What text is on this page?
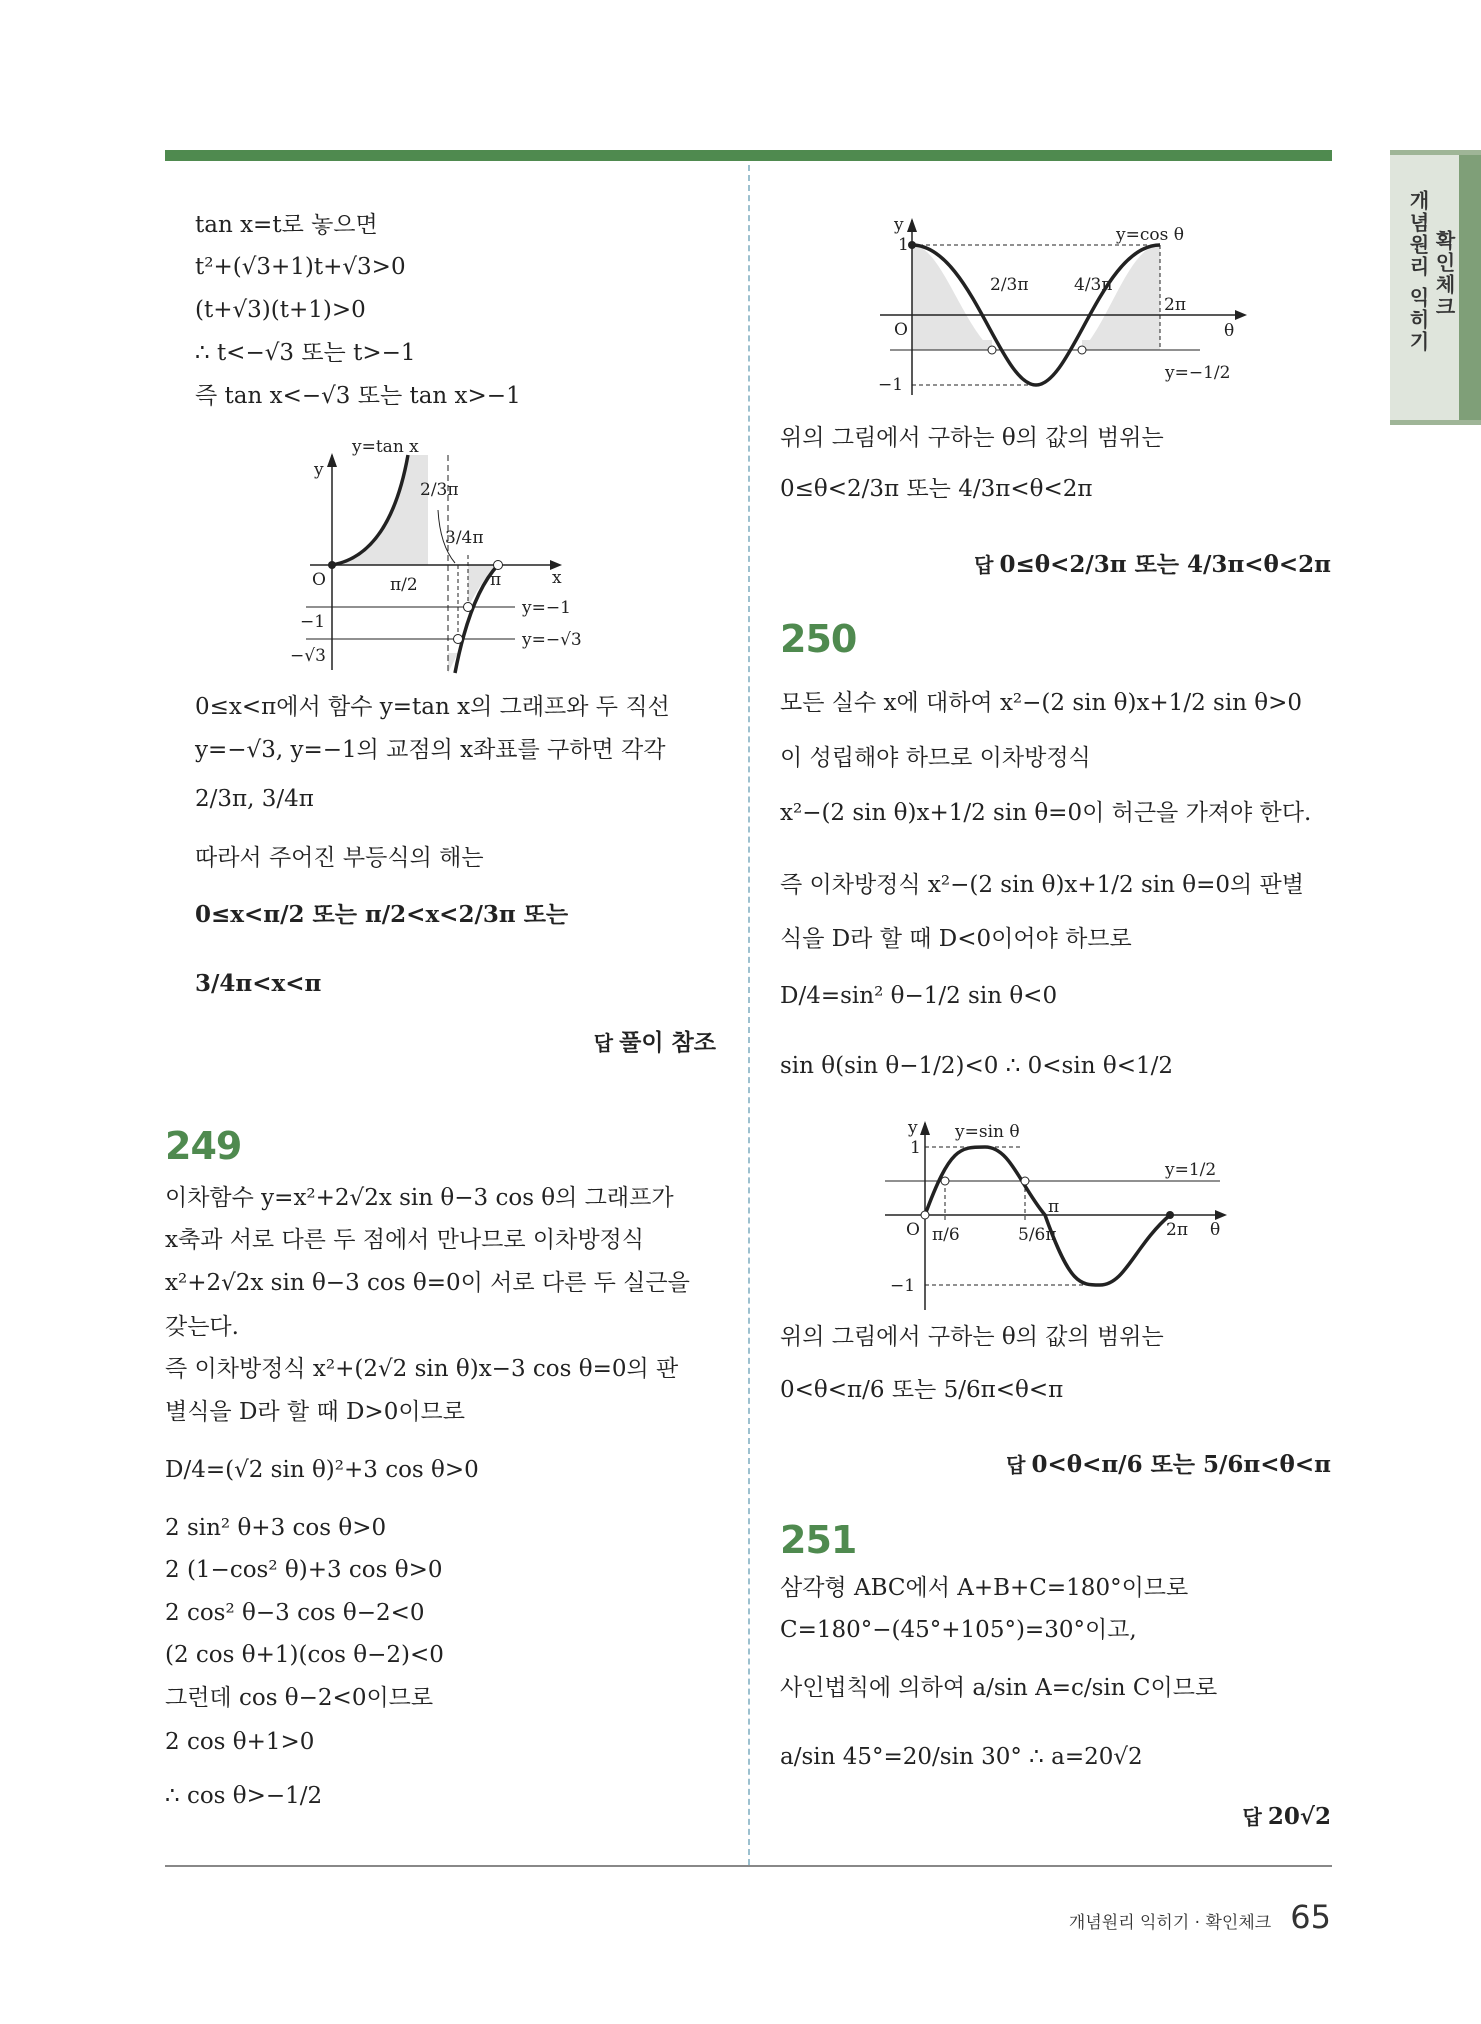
개념원리 익히기 확인체크
tan x=t로 놓으면
t²+(√3+1)t+√3>0
(t+√3)(t+1)>0
∴ t<−√3 또는 t>−1
즉 tan x<−√3 또는 tan x>−1
y=tan x
y
x
O	π/2	π
2/3π
3/4π
y=−1
y=−√3
−1
−√3
0≤x<π에서 함수 y=tan x의 그래프와 두 직선
y=−√3, y=−1의 교점의 x좌표를 구하면 각각
2/3π, 3/4π
따라서 주어진 부등식의 해는
0≤x<π/2 또는 π/2<x<2/3π 또는
3/4π<x<π
답 풀이 참조
249
이차함수 y=x²+2√2x sin θ−3 cos θ의 그래프가
x축과 서로 다른 두 점에서 만나므로 이차방정식
x²+2√2x sin θ−3 cos θ=0이 서로 다른 두 실근을
갖는다.
즉 이차방정식 x²+(2√2 sin θ)x−3 cos θ=0의 판
별식을 D라 할 때 D>0이므로
D/4=(√2 sin θ)²+3 cos θ>0
2 sin² θ+3 cos θ>0
2 (1−cos² θ)+3 cos θ>0
2 cos² θ−3 cos θ−2<0
(2 cos θ+1)(cos θ−2)<0
그런데 cos θ−2<0이므로
2 cos θ+1>0
∴ cos θ>−1/2
y=cos θ
y
θ
O
1
−1
2/3π	4/3π
2π
y=−1/2
위의 그림에서 구하는 θ의 값의 범위는
0≤θ<2/3π 또는 4/3π<θ<2π
답 0≤θ<2/3π 또는 4/3π<θ<2π
250
모든 실수 x에 대하여 x²−(2 sin θ)x+1/2 sin θ>0
이 성립해야 하므로 이차방정식
x²−(2 sin θ)x+1/2 sin θ=0이 허근을 가져야 한다.
즉 이차방정식 x²−(2 sin θ)x+1/2 sin θ=0의 판별
식을 D라 할 때 D<0이어야 하므로
D/4=sin² θ−1/2 sin θ<0
sin θ(sin θ−1/2)<0 ∴ 0<sin θ<1/2
y=sin θ
y
θ
O
1
−1
π/6	5/6π
π
2π
y=1/2
위의 그림에서 구하는 θ의 값의 범위는
0<θ<π/6 또는 5/6π<θ<π
답 0<θ<π/6 또는 5/6π<θ<π
251
삼각형 ABC에서 A+B+C=180°이므로
C=180°−(45°+105°)=30°이고,
사인법칙에 의하여 a/sin A=c/sin C이므로
a/sin 45°=20/sin 30° ∴ a=20√2
답 20√2
개념원리 익히기 · 확인체크 65
